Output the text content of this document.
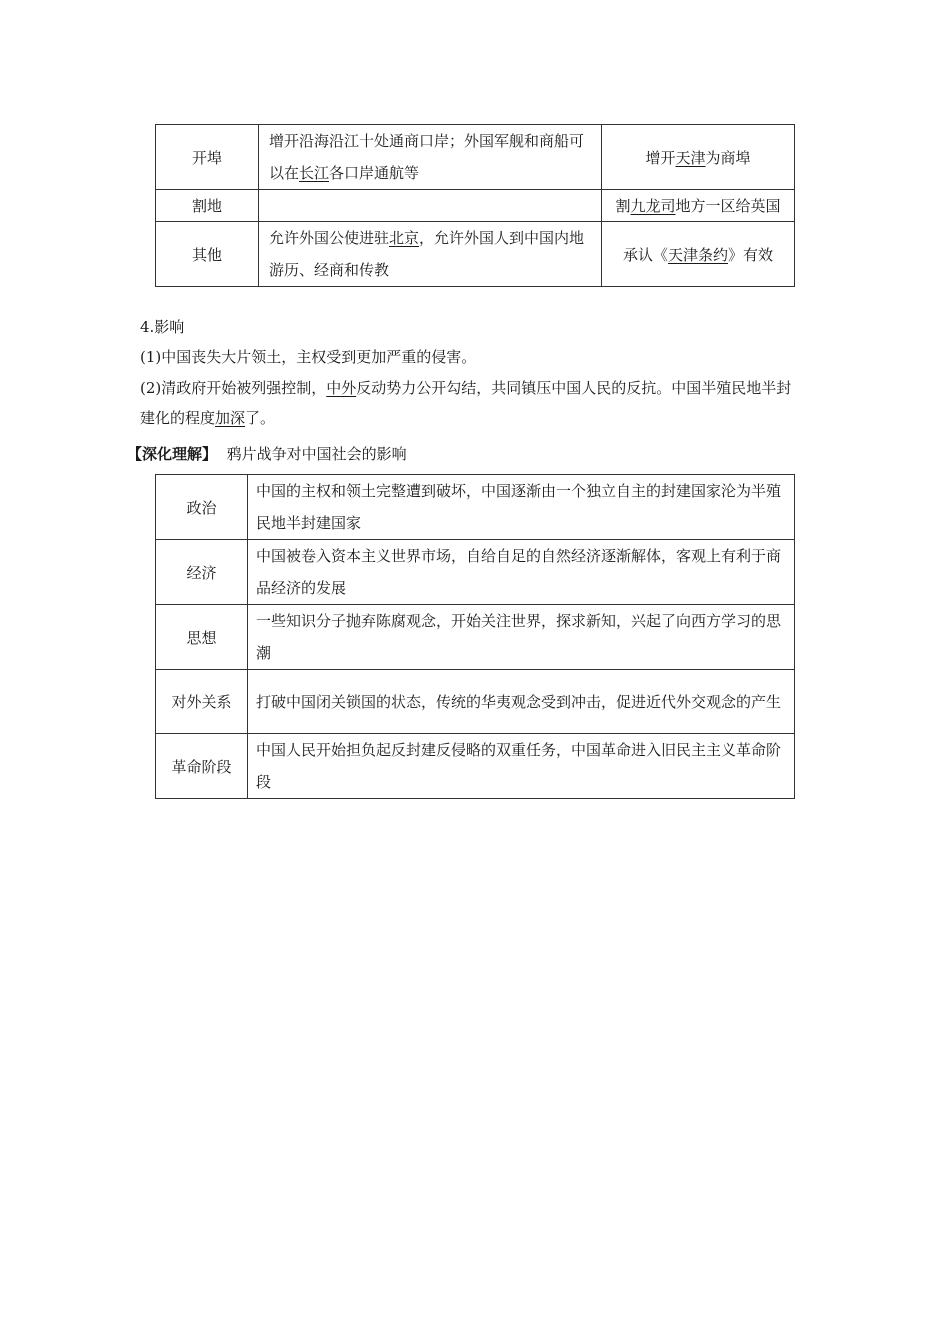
开埠	增开沿海沿江十处通商口岸；外国军舰和商船可以在长江各口岸通航等	增开天津为商埠
割地		割九龙司地方一区给英国
其他	允许外国公使进驻北京，允许外国人到中国内地游历、经商和传教	承认《天津条约》有效
4.影响
(1)中国丧失大片领土，主权受到更加严重的侵害。
(2)清政府开始被列强控制，中外反动势力公开勾结，共同镇压中国人民的反抗。中国半殖民地半封建化的程度加深了。
【深化理解】 鸦片战争对中国社会的影响
政治	中国的主权和领土完整遭到破坏，中国逐渐由一个独立自主的封建国家沦为半殖民地半封建国家
经济	中国被卷入资本主义世界市场，自给自足的自然经济逐渐解体，客观上有利于商品经济的发展
思想	一些知识分子抛弃陈腐观念，开始关注世界，探求新知，兴起了向西方学习的思潮
对外关系	打破中国闭关锁国的状态，传统的华夷观念受到冲击，促进近代外交观念的产生
革命阶段	中国人民开始担负起反封建反侵略的双重任务，中国革命进入旧民主主义革命阶段
